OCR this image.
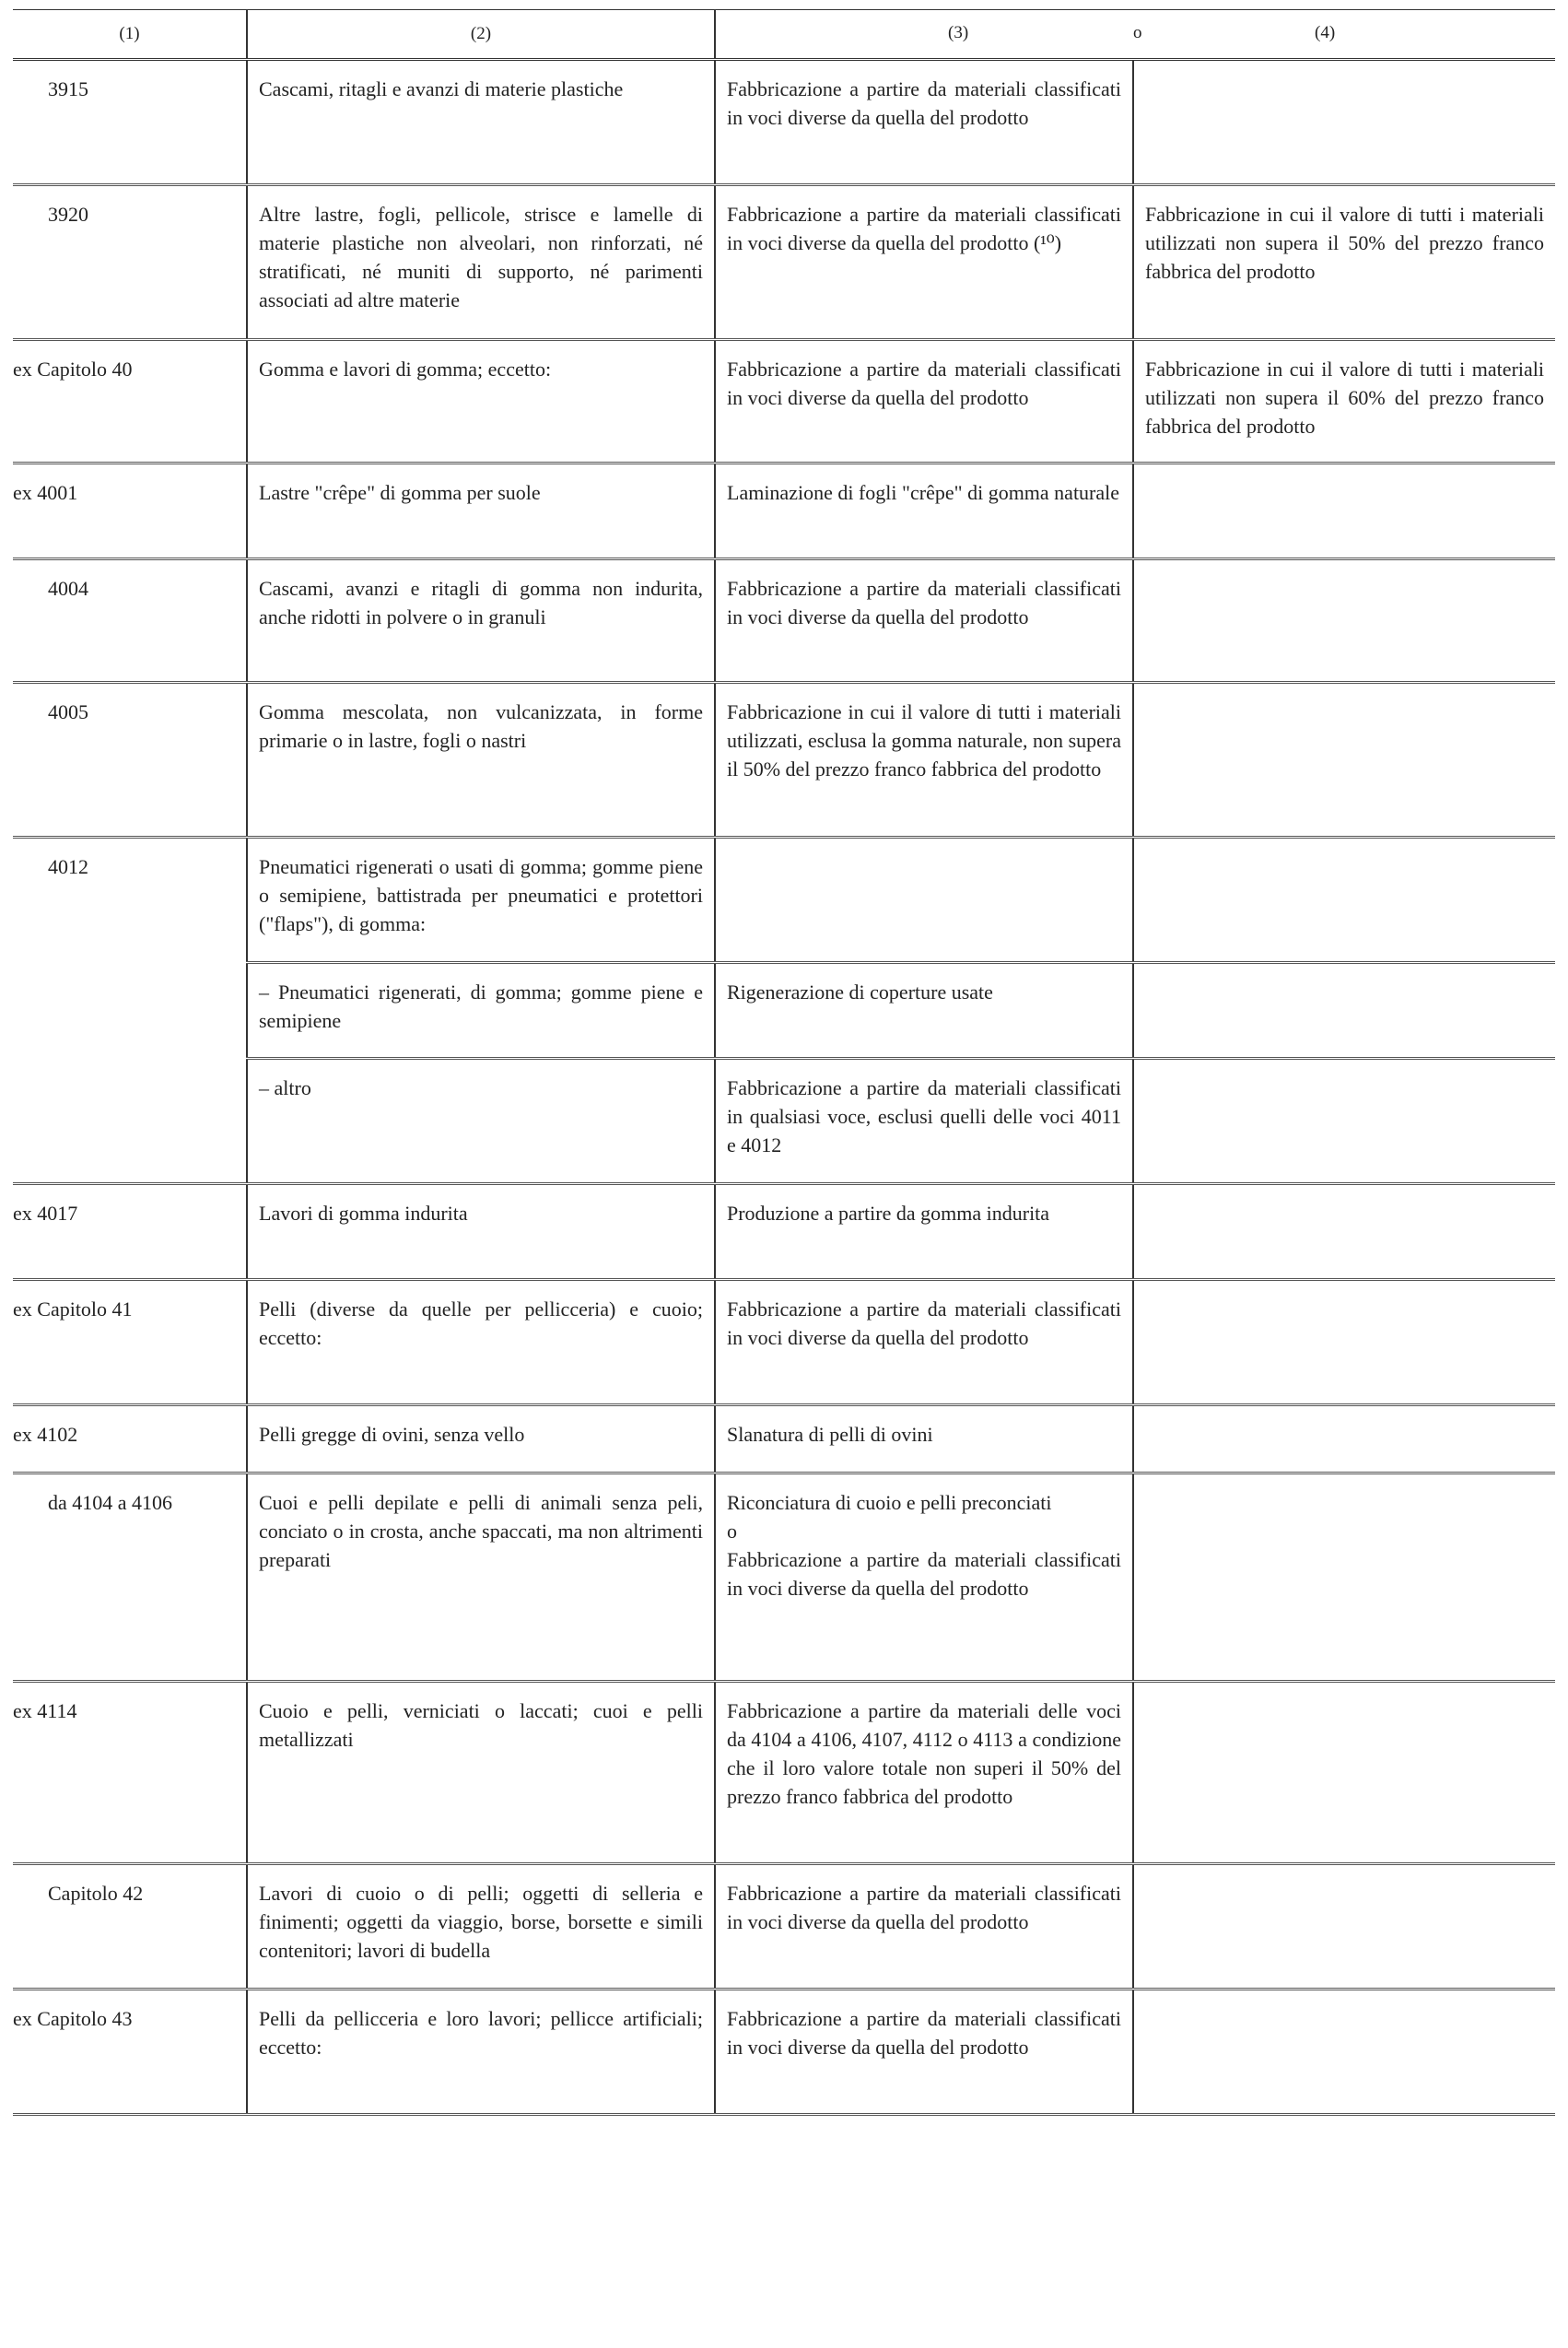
(1)	(2)	(3) o (4)	

3915	Cascami, ritagli e avanzi di materie plastiche	Fabbricazione a partire da materiali classificati in voci diverse da quella del prodotto	

3920	Altre lastre, fogli, pellicole, strisce e lamelle di materie plastiche non alveolari, non rinforzati, né stratificati, né muniti di supporto, né parimenti associati ad altre materie	Fabbricazione a partire da materiali classificati in voci diverse da quella del prodotto (¹⁰)	Fabbricazione in cui il valore di tutti i materiali utilizzati non supera il 50% del prezzo franco fabbrica del prodotto

ex Capitolo 40	Gomma e lavori di gomma; eccetto:	Fabbricazione a partire da materiali classificati in voci diverse da quella del prodotto	Fabbricazione in cui il valore di tutti i materiali utilizzati non supera il 60% del prezzo franco fabbrica del prodotto

ex 4001	Lastre "crêpe" di gomma per suole	Laminazione di fogli "crêpe" di gomma naturale	

4004	Cascami, avanzi e ritagli di gomma non indurita, anche ridotti in polvere o in granuli	Fabbricazione a partire da materiali classificati in voci diverse da quella del prodotto	

4005	Gomma mescolata, non vulcanizzata, in forme primarie o in lastre, fogli o nastri	Fabbricazione in cui il valore di tutti i materiali utilizzati, esclusa la gomma naturale, non supera il 50% del prezzo franco fabbrica del prodotto	

4012	Pneumatici rigenerati o usati di gomma; gomme piene o semipiene, battistrada per pneumatici e protettori ("flaps"), di gomma:		
	– Pneumatici rigenerati, di gomma; gomme piene e semipiene	Rigenerazione di coperture usate	
	– altro	Fabbricazione a partire da materiali classificati in qualsiasi voce, esclusi quelli delle voci 4011 e 4012	

ex 4017	Lavori di gomma indurita	Produzione a partire da gomma indurita	

ex Capitolo 41	Pelli (diverse da quelle per pellicceria) e cuoio; eccetto:	Fabbricazione a partire da materiali classificati in voci diverse da quella del prodotto	

ex 4102	Pelli gregge di ovini, senza vello	Slanatura di pelli di ovini	

da 4104 a 4106	Cuoi e pelli depilate e pelli di animali senza peli, conciato o in crosta, anche spaccati, ma non altrimenti preparati	Riconciatura di cuoio e pelli preconciati
o
Fabbricazione a partire da materiali classificati in voci diverse da quella del prodotto	

ex 4114	Cuoio e pelli, verniciati o laccati; cuoi e pelli metallizzati	Fabbricazione a partire da materiali delle voci da 4104 a 4106, 4107, 4112 o 4113 a condizione che il loro valore totale non superi il 50% del prezzo franco fabbrica del prodotto	

Capitolo 42	Lavori di cuoio o di pelli; oggetti di selleria e finimenti; oggetti da viaggio, borse, borsette e simili contenitori; lavori di budella	Fabbricazione a partire da materiali classificati in voci diverse da quella del prodotto	

ex Capitolo 43	Pelli da pellicceria e loro lavori; pellicce artificiali; eccetto:	Fabbricazione a partire da materiali classificati in voci diverse da quella del prodotto	
